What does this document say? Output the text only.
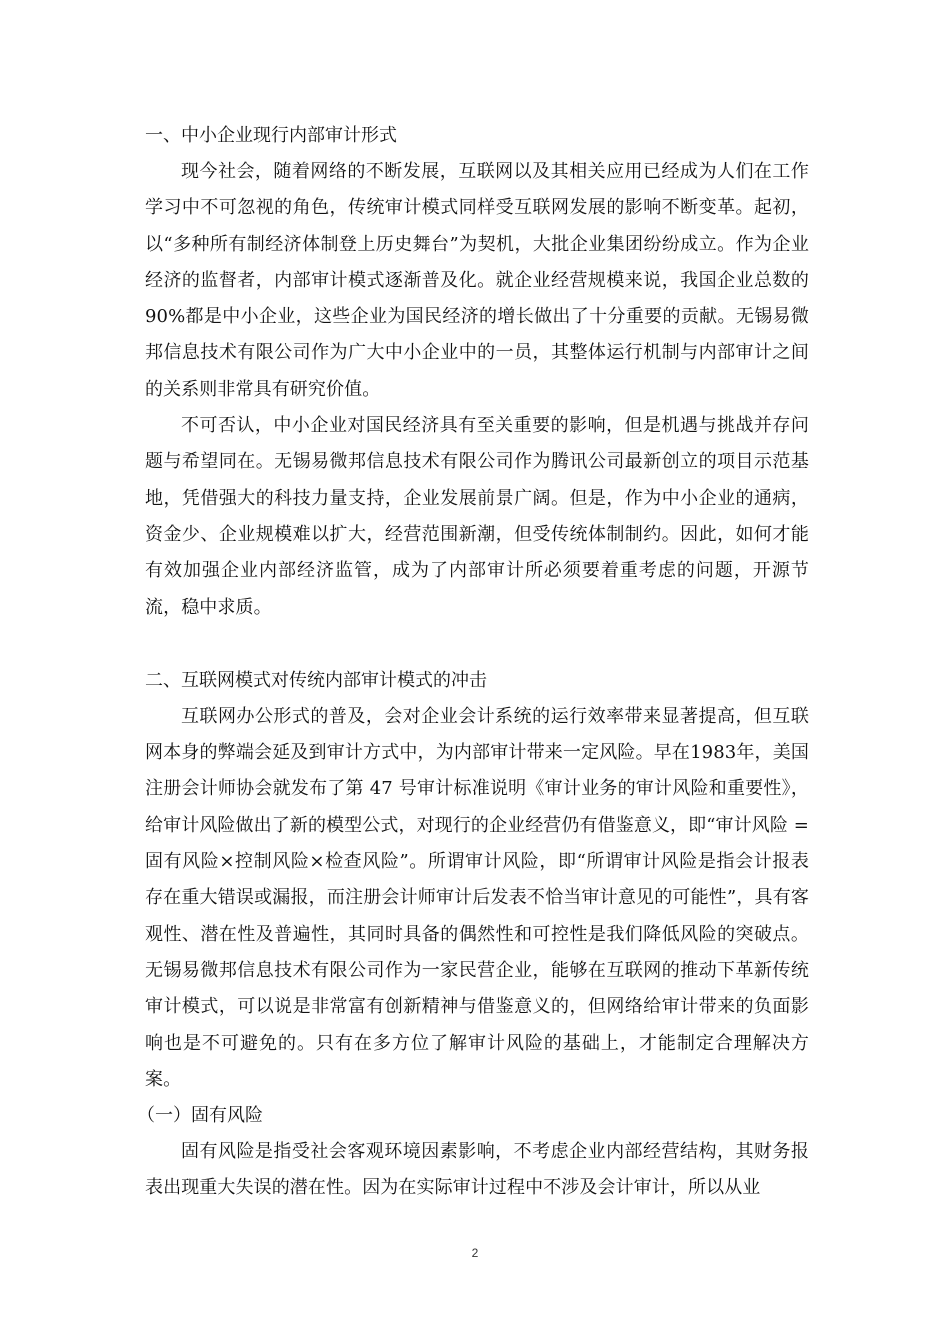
一、中小企业现行内部审计形式

现今社会，随着网络的不断发展，互联网以及其相关应用已经成为人们在工作学习中不可忽视的角色，传统审计模式同样受互联网发展的影响不断变革。起初，以“多种所有制经济体制登上历史舞台”为契机，大批企业集团纷纷成立。作为企业经济的监督者，内部审计模式逐渐普及化。就企业经营规模来说，我国企业总数的90%都是中小企业，这些企业为国民经济的增长做出了十分重要的贡献。无锡易微邦信息技术有限公司作为广大中小企业中的一员，其整体运行机制与内部审计之间的关系则非常具有研究价值。

不可否认，中小企业对国民经济具有至关重要的影响，但是机遇与挑战并存问题与希望同在。无锡易微邦信息技术有限公司作为腾讯公司最新创立的项目示范基地，凭借强大的科技力量支持，企业发展前景广阔。但是，作为中小企业的通病，资金少、企业规模难以扩大，经营范围新潮，但受传统体制制约。因此，如何才能有效加强企业内部经济监管，成为了内部审计所必须要着重考虑的问题，开源节流，稳中求质。

二、互联网模式对传统内部审计模式的冲击

互联网办公形式的普及，会对企业会计系统的运行效率带来显著提高，但互联网本身的弊端会延及到审计方式中，为内部审计带来一定风险。早在1983年，美国注册会计师协会就发布了第 47 号审计标准说明《审计业务的审计风险和重要性》，给审计风险做出了新的模型公式，对现行的企业经营仍有借鉴意义，即“审计风险 = 固有风险×控制风险×检查风险”。所谓审计风险，即“所谓审计风险是指会计报表存在重大错误或漏报，而注册会计师审计后发表不恰当审计意见的可能性”，具有客观性、潜在性及普遍性，其同时具备的偶然性和可控性是我们降低风险的突破点。无锡易微邦信息技术有限公司作为一家民营企业，能够在互联网的推动下革新传统审计模式，可以说是非常富有创新精神与借鉴意义的，但网络给审计带来的负面影响也是不可避免的。只有在多方位了解审计风险的基础上，才能制定合理解决方案。

（一）固有风险

固有风险是指受社会客观环境因素影响，不考虑企业内部经营结构，其财务报表出现重大失误的潜在性。因为在实际审计过程中不涉及会计审计，所以从业

2
